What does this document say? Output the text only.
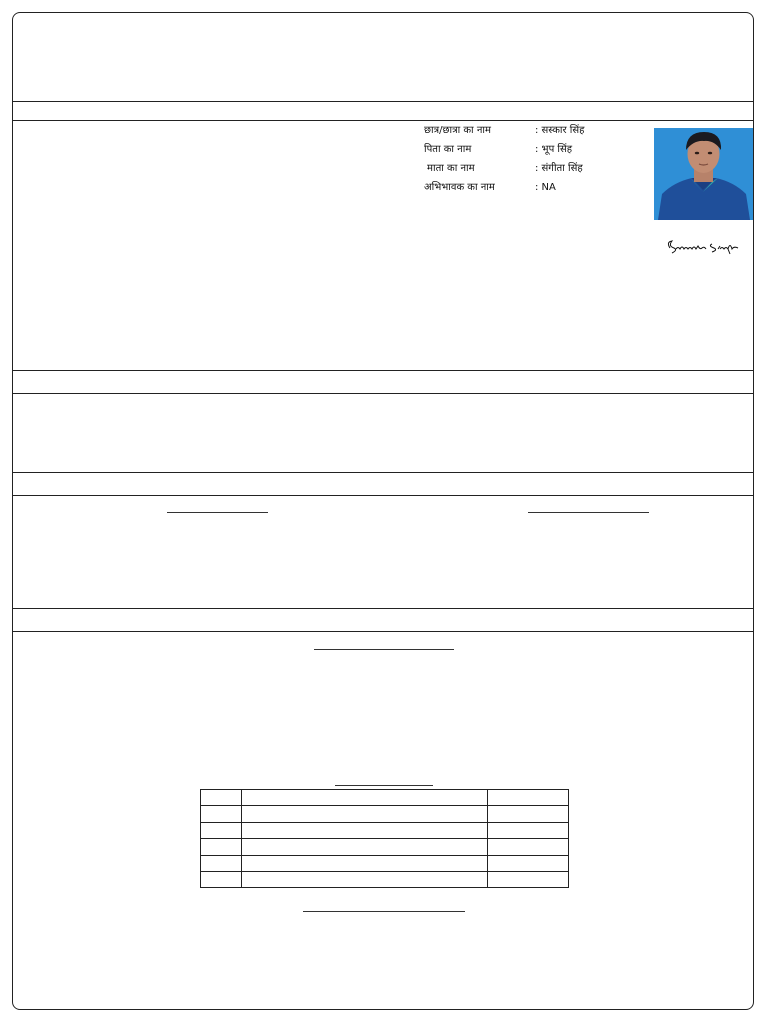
छात्र/छात्रा का नाम	: सस्कार सिंह
पिता का नाम	: भूप सिंह
माता का नाम	: संगीता सिंह
अभिभावक का नाम	: NA
